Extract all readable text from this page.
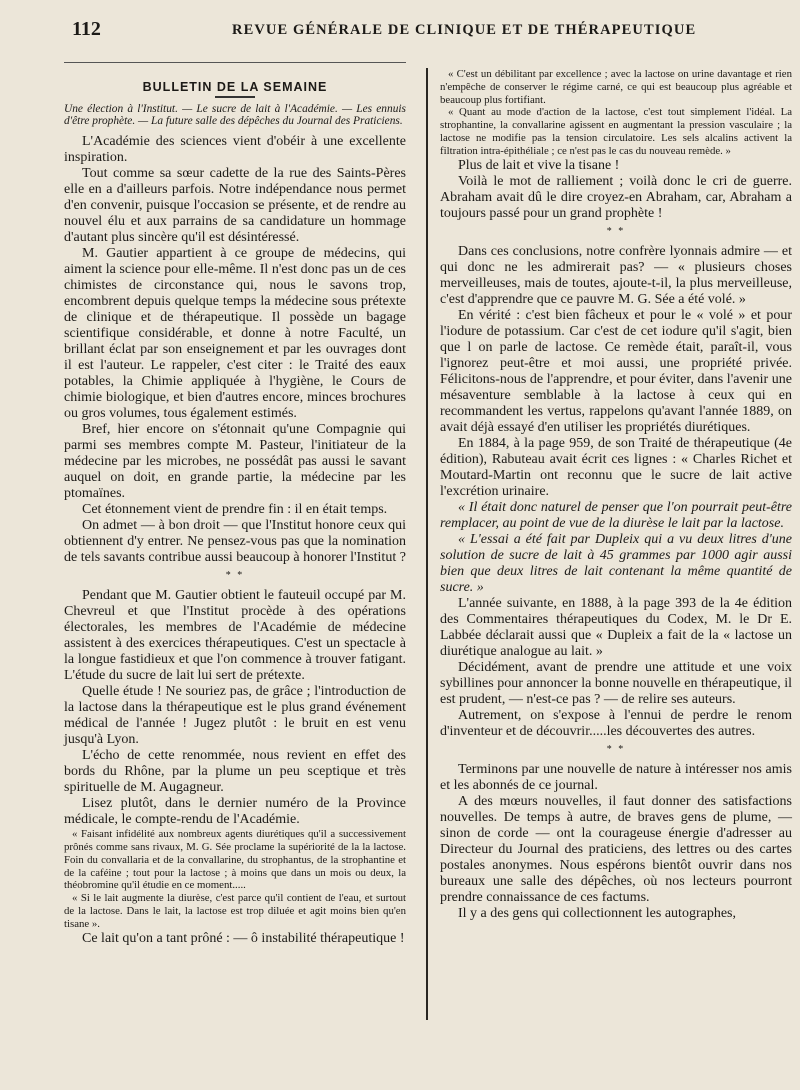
112	REVUE GÉNÉRALE DE CLINIQUE ET DE THÉRAPEUTIQUE
BULLETIN DE LA SEMAINE

Une élection à l'Institut. — Le sucre de lait à l'Académie. — Les ennuis d'être prophète. — La future salle des dépêches du Journal des Praticiens.

L'Académie des sciences vient d'obéir à une excellente inspiration.

Tout comme sa sœur cadette de la rue des Saints-Pères elle en a d'ailleurs parfois. Notre indépendance nous permet d'en convenir, puisque l'occasion se présente, et de rendre au nouvel élu et aux parrains de sa candidature un hommage d'autant plus sincère qu'il est désintéressé.

M. Gautier appartient à ce groupe de médecins, qui aiment la science pour elle-même. Il n'est donc pas un de ces chimistes de circonstance qui, nous le savons trop, encombrent depuis quelque temps la médecine sous prétexte de clinique et de thérapeutique. Il possède un bagage scientifique considérable, et donne à notre Faculté, un brillant éclat par son enseignement et par les ouvrages dont il est l'auteur. Le rappeler, c'est citer : le Traité des eaux potables, la Chimie appliquée à l'hygiène, le Cours de chimie biologique, et bien d'autres encore, minces brochures ou gros volumes, tous également estimés.

Bref, hier encore on s'étonnait qu'une Compagnie qui parmi ses membres compte M. Pasteur, l'initiateur de la médecine par les microbes, ne possédât pas aussi le savant auquel on doit, en grande partie, la médecine par les ptomaïnes.

Cet étonnement vient de prendre fin : il en était temps.

On admet — à bon droit — que l'Institut honore ceux qui obtiennent d'y entrer. Ne pensez-vous pas que la nomination de tels savants contribue aussi beaucoup à honorer l'Institut ?

* *

Pendant que M. Gautier obtient le fauteuil occupé par M. Chevreul et que l'Institut procède à des opérations électorales, les membres de l'Académie de médecine assistent à des exercices thérapeutiques. C'est un spectacle à la longue fastidieux et que l'on commence à trouver fatigant. L'étude du sucre de lait lui sert de prétexte.

Quelle étude ! Ne souriez pas, de grâce ; l'introduction de la lactose dans la thérapeutique est le plus grand événement médical de l'année ! Jugez plutôt : le bruit en est venu jusqu'à Lyon.

L'écho de cette renommée, nous revient en effet des bords du Rhône, par la plume un peu sceptique et très spirituelle de M. Augagneur.

Lisez plutôt, dans le dernier numéro de la Province médicale, le compte-rendu de l'Académie.

« Faisant infidélité aux nombreux agents diurétiques qu'il a successivement prônés comme sans rivaux, M. G. Sée proclame la supériorité de la la lactose. Foin du convallaria et de la convallarine, du strophantus, de la strophantine et de la caféine ; tout pour la lactose ; à moins que dans un mois ou deux, la théobromine qu'il étudie en ce moment.....

« Si le lait augmente la diurèse, c'est parce qu'il contient de l'eau, et surtout de la lactose. Dans le lait, la lactose est trop diluée et agit moins bien qu'en tisane ».

Ce lait qu'on a tant prôné : — ô instabilité thérapeutique !

« C'est un débilitant par excellence ; avec la lactose on urine davantage et rien n'empêche de conserver le régime carné, ce qui est beaucoup plus agréable et beaucoup plus fortifiant.

« Quant au mode d'action de la lactose, c'est tout simplement l'idéal. La strophantine, la convallarine agissent en augmentant la pression vasculaire ; la lactose ne modifie pas la tension circulatoire. Les sels alcalins activent la filtration intra-épithéliale ; ce n'est pas le cas du nouveau remède. »

Plus de lait et vive la tisane !

Voilà le mot de ralliement ; voilà donc le cri de guerre. Abraham avait dû le dire croyez-en Abraham, car, Abraham a toujours passé pour un grand prophète !

* *

Dans ces conclusions, notre confrère lyonnais admire — et qui donc ne les admirerait pas? — « plusieurs choses merveilleuses, mais de toutes, ajoute-t-il, la plus merveilleuse, c'est d'apprendre que ce pauvre M. G. Sée a été volé. »

En vérité : c'est bien fâcheux et pour le « volé » et pour l'iodure de potassium. Car c'est de cet iodure qu'il s'agit, bien que l on parle de lactose. Ce remède était, paraît-il, vous l'ignorez peut-être et moi aussi, une propriété privée. Félicitons-nous de l'apprendre, et pour éviter, dans l'avenir une mésaventure semblable à la lactose à ceux qui en recommandent les vertus, rappelons qu'avant l'année 1889, on avait déjà essayé d'en utiliser les propriétés diurétiques.

En 1884, à la page 959, de son Traité de thérapeutique (4e édition), Rabuteau avait écrit ces lignes : « Charles Richet et Moutard-Martin ont reconnu que le sucre de lait active l'excrétion urinaire.

« Il était donc naturel de penser que l'on pourrait peut-être remplacer, au point de vue de la diurèse le lait par la lactose.

« L'essai a été fait par Dupleix qui a vu deux litres d'une solution de sucre de lait à 45 grammes par 1000 agir aussi bien que deux litres de lait contenant la même quantité de sucre. »

L'année suivante, en 1888, à la page 393 de la 4e édition des Commentaires thérapeutiques du Codex, M. le Dr E. Labbée déclarait aussi que « Dupleix a fait de la « lactose un diurétique analogue au lait. »

Décidément, avant de prendre une attitude et une voix sybillines pour annoncer la bonne nouvelle en thérapeutique, il est prudent, — n'est-ce pas ? — de relire ses auteurs.

Autrement, on s'expose à l'ennui de perdre le renom d'inventeur et de découvrir.....les découvertes des autres.

* *

Terminons par une nouvelle de nature à intéresser nos amis et les abonnés de ce journal.

A des mœurs nouvelles, il faut donner des satisfactions nouvelles. De temps à autre, de braves gens de plume, — sinon de corde — ont la courageuse énergie d'adresser au Directeur du Journal des praticiens, des lettres ou des cartes postales anonymes. Nous espérons bientôt ouvrir dans nos bureaux une salle des dépêches, où nos lecteurs pourront prendre connaissance de ces factums.

Il y a des gens qui collectionnent les autographes,
